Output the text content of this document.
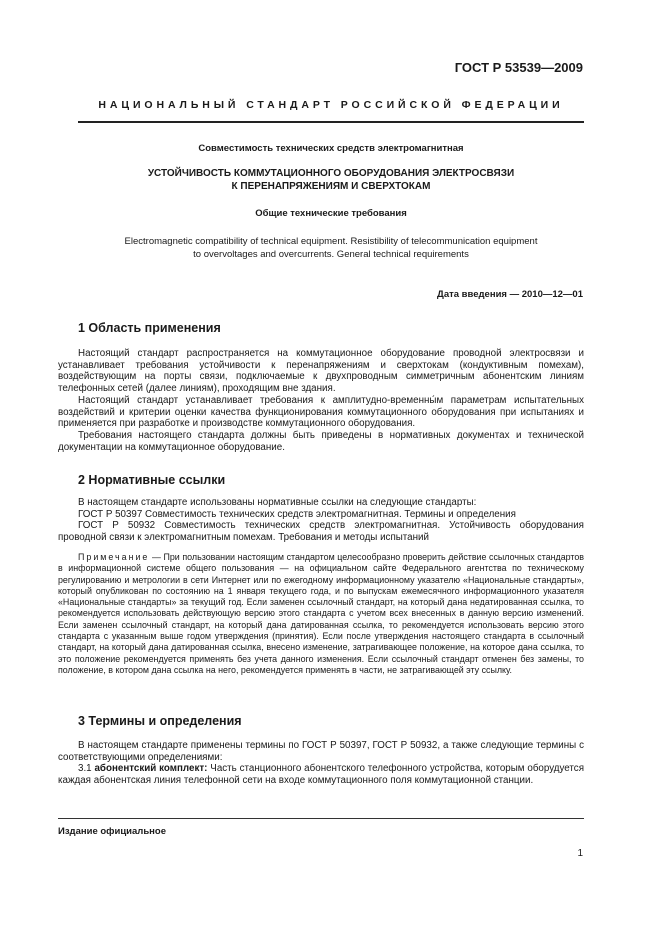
ГОСТ Р 53539—2009
НАЦИОНАЛЬНЫЙ СТАНДАРТ РОССИЙСКОЙ ФЕДЕРАЦИИ
Совместимость технических средств электромагнитная
УСТОЙЧИВОСТЬ КОММУТАЦИОННОГО ОБОРУДОВАНИЯ ЭЛЕКТРОСВЯЗИ
К ПЕРЕНАПРЯЖЕНИЯМ И СВЕРХТОКАМ
Общие технические требования
Electromagnetic compatibility of technical equipment. Resistibility of telecommunication equipment
to overvoltages and overcurrents. General technical requirements
Дата введения — 2010—12—01
1 Область применения

Настоящий стандарт распространяется на коммутационное оборудование проводной электросвязи и устанавливает требования устойчивости к перенапряжениям и сверхтокам (кондуктивным помехам), воздействующим на порты связи, подключаемые к двухпроводным симметричным абонентским линиям телефонных сетей (далее линиям), проходящим вне здания.

Настоящий стандарт устанавливает требования к амплитудно-временны́м параметрам испытательных воздействий и критерии оценки качества функционирования коммутационного оборудования при испытаниях и применяется при разработке и производстве коммутационного оборудования.

Требования настоящего стандарта должны быть приведены в нормативных документах и технической документации на коммутационное оборудование.

2 Нормативные ссылки

В настоящем стандарте использованы нормативные ссылки на следующие стандарты:

ГОСТ Р 50397 Совместимость технических средств электромагнитная. Термины и определения

ГОСТ Р 50932 Совместимость технических средств электромагнитная. Устойчивость оборудования проводной связи к электромагнитным помехам. Требования и методы испытаний

Примечание — При пользовании настоящим стандартом целесообразно проверить действие ссылочных стандартов в информационной системе общего пользования — на официальном сайте Федерального агентства по техническому регулированию и метрологии в сети Интернет или по ежегодному информационному указателю «Национальные стандарты», который опубликован по состоянию на 1 января текущего года, и по выпускам ежемесячного информационного указателя «Национальные стандарты» за текущий год. Если заменен ссылочный стандарт, на который дана недатированная ссылка, то рекомендуется использовать действующую версию этого стандарта с учетом всех внесенных в данную версию изменений. Если заменен ссылочный стандарт, на который дана датированная ссылка, то рекомендуется использовать версию этого стандарта с указанным выше годом утверждения (принятия). Если после утверждения настоящего стандарта в ссылочный стандарт, на который дана датированная ссылка, внесено изменение, затрагивающее положение, на которое дана ссылка, то это положение рекомендуется применять без учета данного изменения. Если ссылочный стандарт отменен без замены, то положение, в котором дана ссылка на него, рекомендуется применять в части, не затрагивающей эту ссылку.

3 Термины и определения

В настоящем стандарте применены термины по ГОСТ Р 50397, ГОСТ Р 50932, а также следующие термины с соответствующими определениями:

3.1 абонентский комплект: Часть станционного абонентского телефонного устройства, которым оборудуется каждая абонентская линия телефонной сети на входе коммутационного поля коммутационной станции.

Издание официальное
1
